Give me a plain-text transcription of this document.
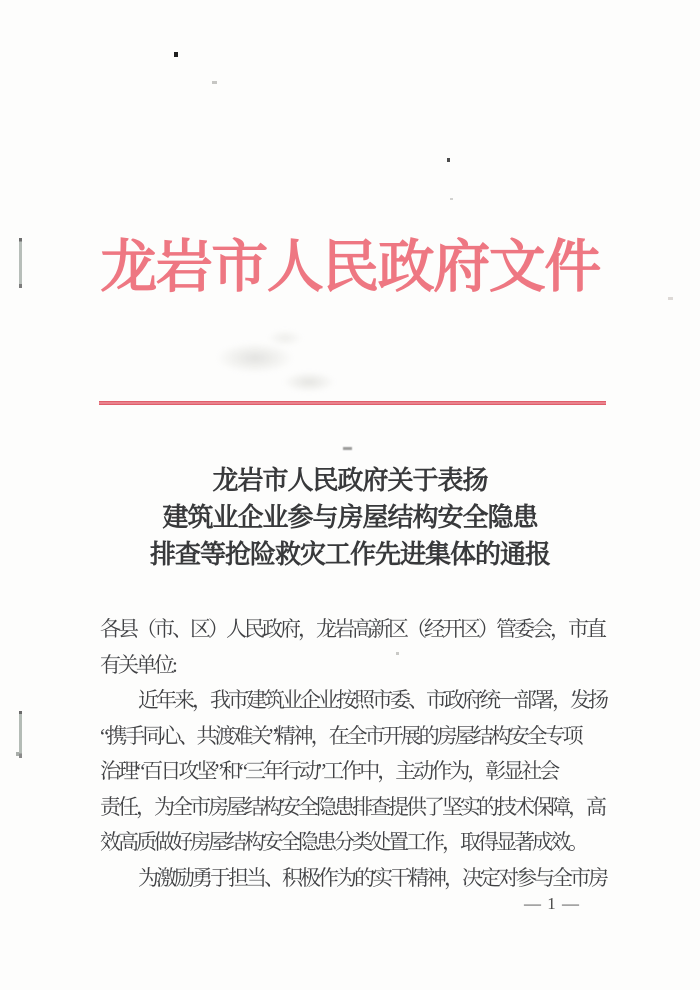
龙岩市人民政府文件
龙岩市人民政府关于表扬
建筑业企业参与房屋结构安全隐患
排查等抢险救灾工作先进集体的通报

各县（市、区）人民政府，龙岩高新区（经开区）管委会，市直

有关单位:

近年来，我市建筑业企业按照市委、市政府统一部署，发扬

“携手同心、共渡难关”精神，在全市开展的房屋结构安全专项

治理“百日攻坚”和“三年行动”工作中，主动作为，彰显社会

责任，为全市房屋结构安全隐患排查提供了坚实的技术保障，高

效高质做好房屋结构安全隐患分类处置工作，取得显著成效。

为激励勇于担当、积极作为的实干精神，决定对参与全市房

— 1 —
